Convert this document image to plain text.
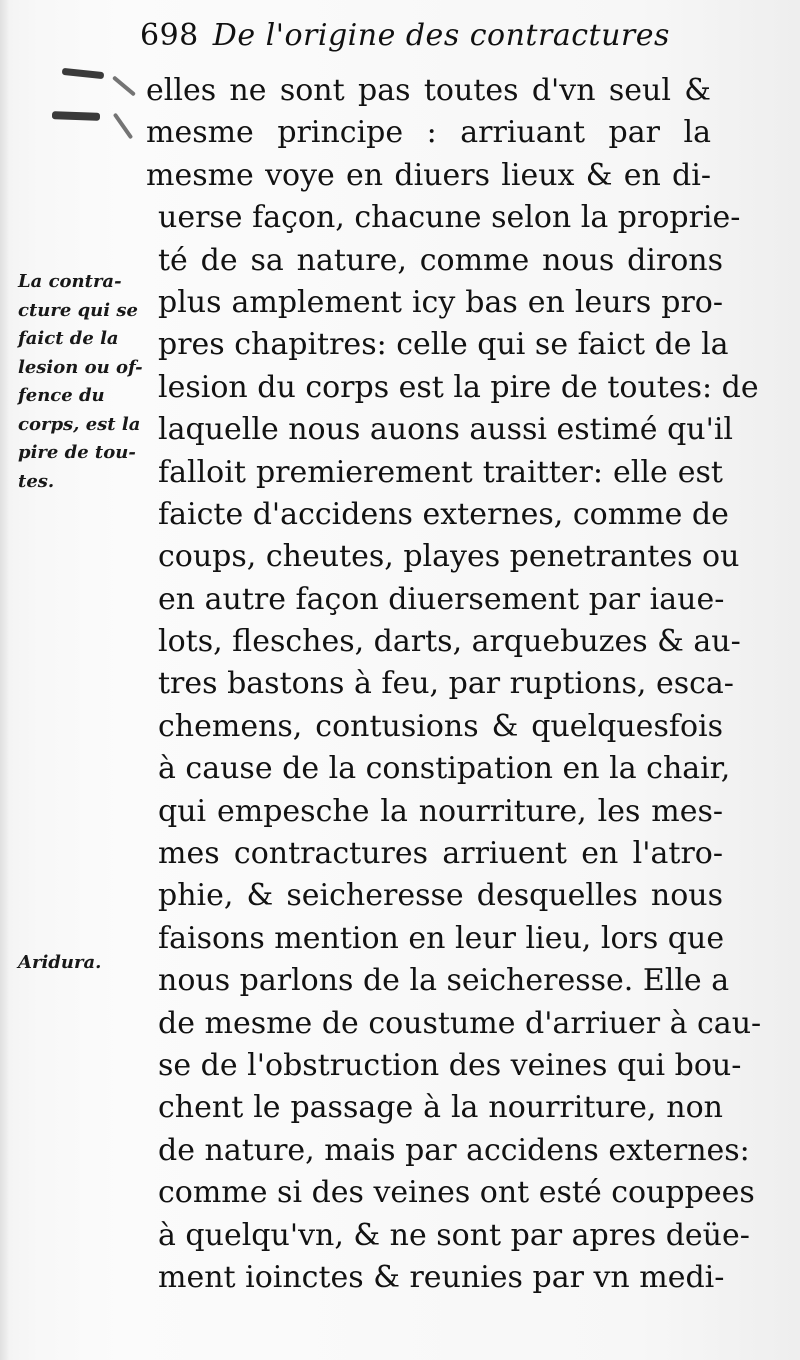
698 De l'origine des contractures
La contra-
cture qui se
faict de la
lesion ou of-
fence du
corps, est la
pire de tou-
tes.
Aridura.
elles ne sont pas toutes d'vn seul &
mesme principe : arriuant par la
mesme voye en diuers lieux & en di-
uerse façon, chacune selon la proprie-
té de sa nature, comme nous dirons
plus amplement icy bas en leurs pro-
pres chapitres: celle qui se faict de la
lesion du corps est la pire de toutes: de
laquelle nous auons aussi estimé qu'il
falloit premierement traitter: elle est
faicte d'accidens externes, comme de
coups, cheutes, playes penetrantes ou
en autre façon diuersement par iaue-
lots, flesches, darts, arquebuzes & au-
tres bastons à feu, par ruptions, esca-
chemens, contusions & quelquesfois
à cause de la constipation en la chair,
qui empesche la nourriture, les mes-
mes contractures arriuent en l'atro-
phie, & seicheresse desquelles nous
faisons mention en leur lieu, lors que
nous parlons de la seicheresse. Elle a
de mesme de coustume d'arriuer à cau-
se de l'obstruction des veines qui bou-
chent le passage à la nourriture, non
de nature, mais par accidens externes:
comme si des veines ont esté couppees
à quelqu'vn, & ne sont par apres deüe-
ment ioinctes & reunies par vn medi-
